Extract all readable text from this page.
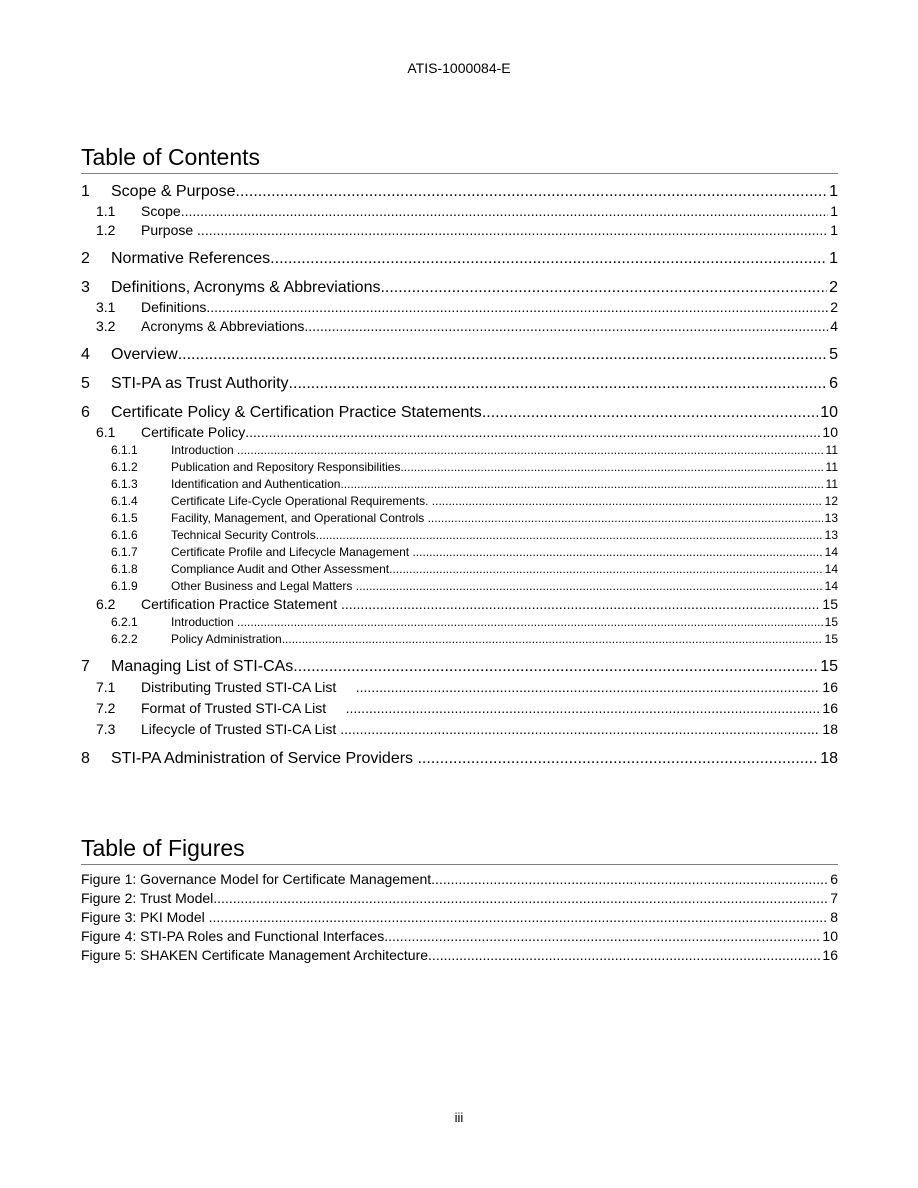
ATIS-1000084-E
Table of Contents
1	Scope & Purpose .....	1
1.1	Scope .....	1
1.2	Purpose .....	1
2	Normative References .....	1
3	Definitions, Acronyms & Abbreviations .....	2
3.1	Definitions .....	2
3.2	Acronyms & Abbreviations .....	4
4	Overview .....	5
5	STI-PA as Trust Authority .....	6
6	Certificate Policy & Certification Practice Statements .....	10
6.1	Certificate Policy .....	10
6.1.1	Introduction .....	11
6.1.2	Publication and Repository Responsibilities .....	11
6.1.3	Identification and Authentication .....	11
6.1.4	Certificate Life-Cycle Operational Requirements. .....	12
6.1.5	Facility, Management, and Operational Controls .....	13
6.1.6	Technical Security Controls .....	13
6.1.7	Certificate Profile and Lifecycle Management .....	14
6.1.8	Compliance Audit and Other Assessment .....	14
6.1.9	Other Business and Legal Matters .....	14
6.2	Certification Practice Statement .....	15
6.2.1	Introduction .....	15
6.2.2	Policy Administration .....	15
7	Managing List of STI-CAs .....	15
7.1	Distributing Trusted STI-CA List .....	16
7.2	Format of Trusted STI-CA List .....	16
7.3	Lifecycle of Trusted STI-CA List .....	18
8	STI-PA Administration of Service Providers .....	18
Table of Figures
Figure 1: Governance Model for Certificate Management .....	6
Figure 2: Trust Model .....	7
Figure 3: PKI Model .....	8
Figure 4: STI-PA Roles and Functional Interfaces .....	10
Figure 5: SHAKEN Certificate Management Architecture .....	16
iii
